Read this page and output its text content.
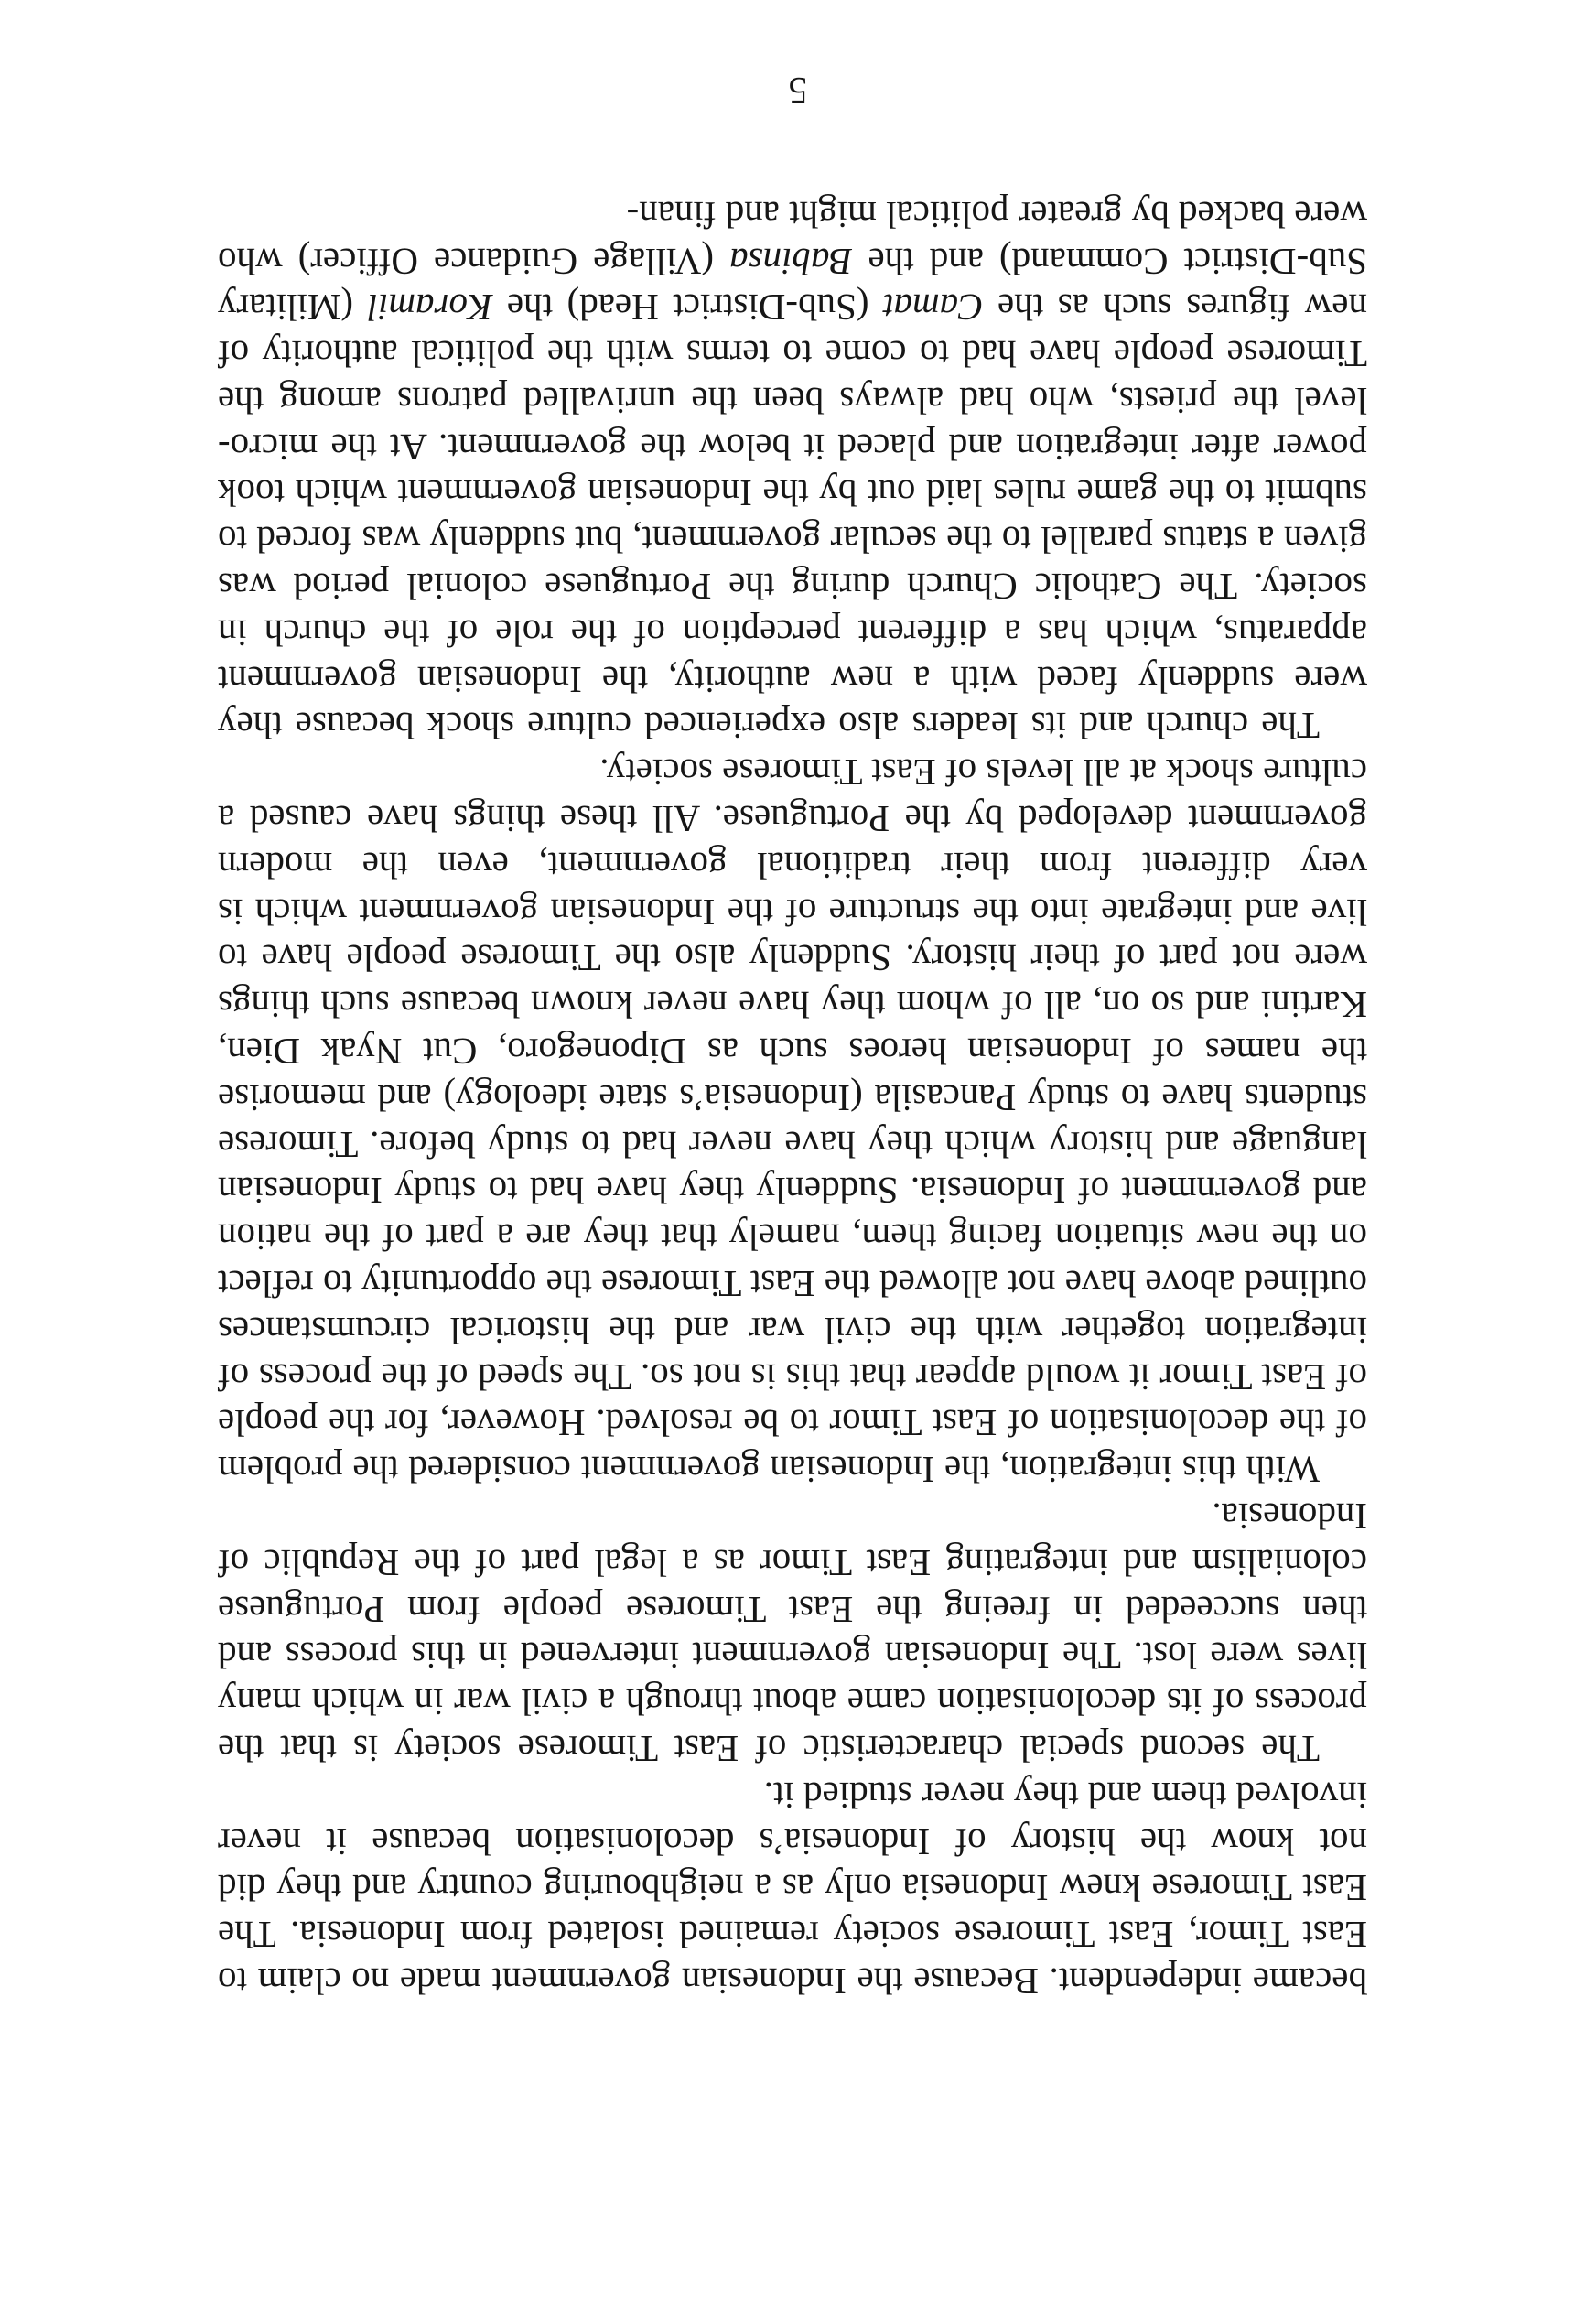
became independent. Because the Indonesian government made no claim to East Timor, East Timorese society remained isolated from Indonesia. The East Timorese knew Indonesia only as a neighbouring country and they did not know the history of Indonesia’s decolonisation because it never involved them and they never studied it.

The second special characteristic of East Timorese society is that the process of its decolonisation came about through a civil war in which many lives were lost. The Indonesian government intervened in this process and then succeeded in freeing the East Timorese people from Portuguese colonialism and integrating East Timor as a legal part of the Republic of Indonesia.

With this integration, the Indonesian government considered the problem of the decolonisation of East Timor to be resolved. However, for the people of East Timor it would appear that this is not so. The speed of the process of integration together with the civil war and the historical circumstances outlined above have not allowed the East Timorese the opportunity to reflect on the new situation facing them, namely that they are a part of the nation and government of Indonesia. Suddenly they have had to study Indonesian language and history which they have never had to study before. Timorese students have to study Pancasila (Indonesia’s state ideology) and memorise the names of Indonesian heroes such as Diponegoro, Cut Nyak Dien, Kartini and so on, all of whom they have never known because such things were not part of their history. Suddenly also the Timorese people have to live and integrate into the structure of the Indonesian government which is very different from their traditional government, even the modern government developed by the Portuguese. All these things have caused a culture shock at all levels of East Timorese society.

The church and its leaders also experienced culture shock because they were suddenly faced with a new authority, the Indonesian government apparatus, which has a different perception of the role of the church in society. The Catholic Church during the Portuguese colonial period was given a status parallel to the secular government, but suddenly was forced to submit to the game rules laid out by the Indonesian government which took power after integration and placed it below the government. At the micro-level the priests, who had always been the unrivalled patrons among the Timorese people have had to come to terms with the political authority of new figures such as the Camat (Sub-District Head) the Koramil (Military Sub-District Command) and the Babinsa (Village Guidance Officer) who were backed by greater political might and finan-

5
